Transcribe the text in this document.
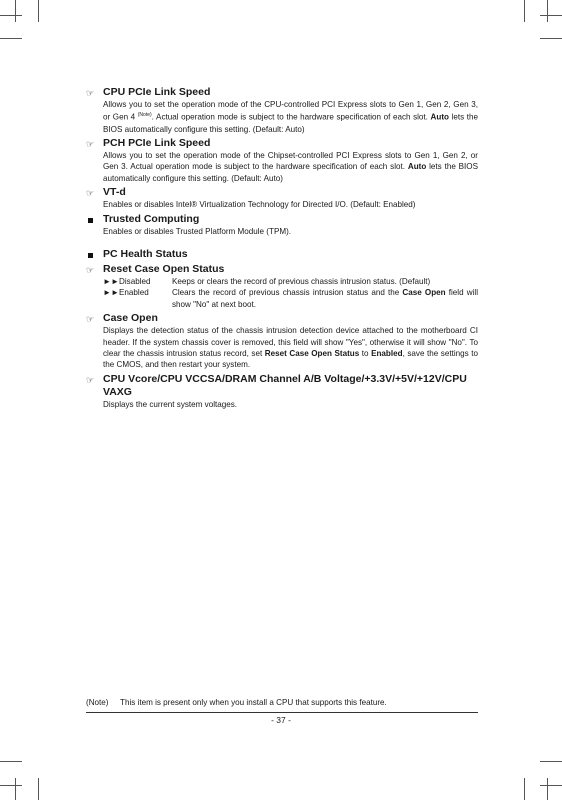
☞ CPU PCIe Link Speed

Allows you to set the operation mode of the CPU-controlled PCI Express slots to Gen 1, Gen 2, Gen 3, or Gen 4 $^{(Note)}$. Actual operation mode is subject to the hardware specification of each slot. Auto lets the BIOS automatically configure this setting. (Default: Auto)

☞ PCH PCIe Link Speed

Allows you to set the operation mode of the Chipset-controlled PCI Express slots to Gen 1, Gen 2, or Gen 3. Actual operation mode is subject to the hardware specification of each slot. Auto lets the BIOS automatically configure this setting. (Default: Auto)

☞ VT-d

Enables or disables Intel® Virtualization Technology for Directed I/O. (Default: Enabled)

Trusted Computing

Enables or disables Trusted Platform Module (TPM).

PC Health Status

☞ Reset Case Open Status

►►Disabled	Keeps or clears the record of previous chassis intrusion status. (Default)
►►Enabled	Clears the record of previous chassis intrusion status and the Case Open field will show "No" at next boot.
☞ Case Open

Displays the detection status of the chassis intrusion detection device attached to the motherboard CI header. If the system chassis cover is removed, this field will show "Yes", otherwise it will show "No". To clear the chassis intrusion status record, set Reset Case Open Status to Enabled, save the settings to the CMOS, and then restart your system.

☞ CPU Vcore/CPU VCCSA/DRAM Channel A/B Voltage/+3.3V/+5V/+12V/CPU VAXG

Displays the current system voltages.

(Note)	This item is present only when you install a CPU that supports this feature.
- 37 -
